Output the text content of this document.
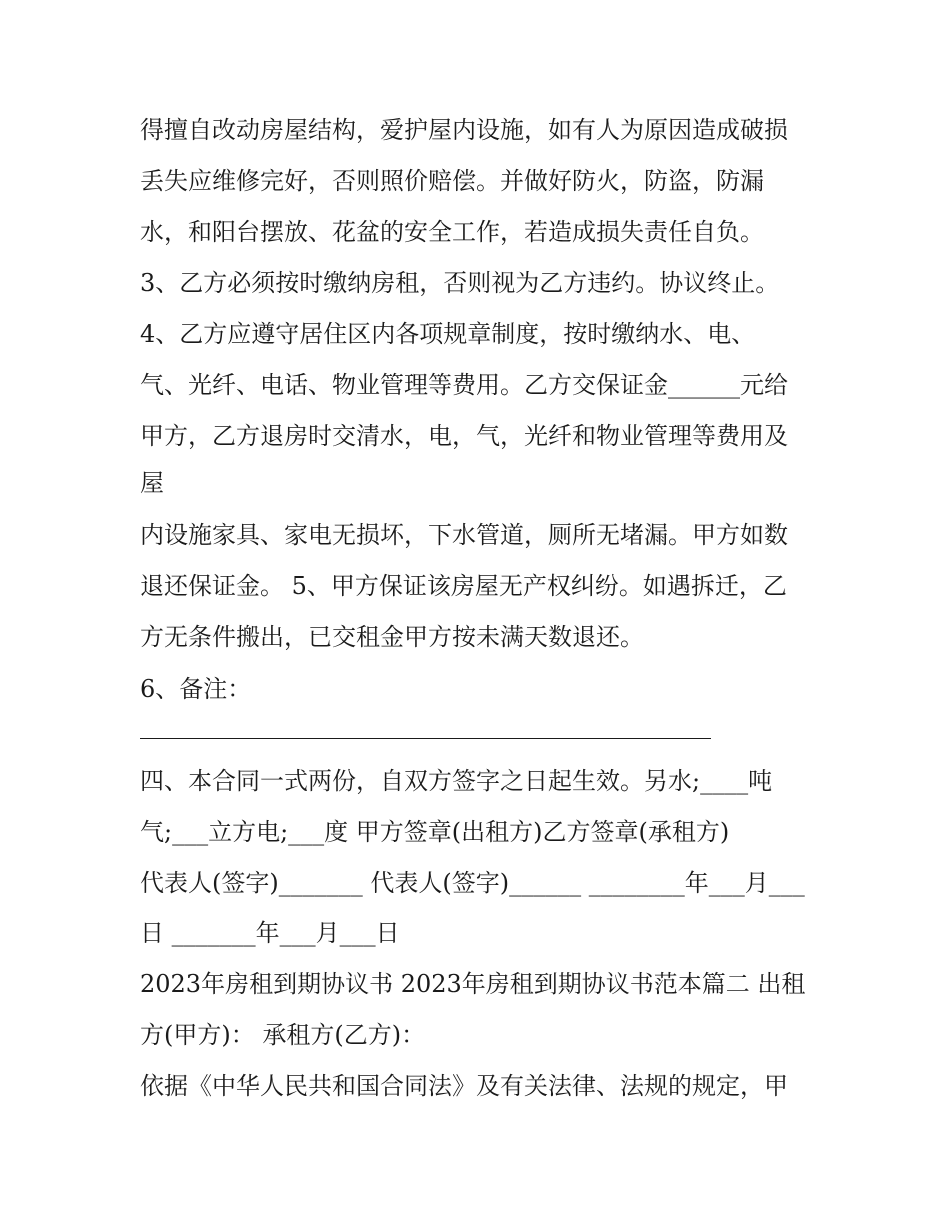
得擅自改动房屋结构，爱护屋内设施，如有人为原因造成破损
丢失应维修完好，否则照价赔偿。并做好防火，防盗，防漏
水，和阳台摆放、花盆的安全工作，若造成损失责任自负。
3、乙方必须按时缴纳房租，否则视为乙方违约。协议终止。
4、乙方应遵守居住区内各项规章制度，按时缴纳水、电、
气、光纤、电话、物业管理等费用。乙方交保证金______元给
甲方，乙方退房时交清水，电，气，光纤和物业管理等费用及
屋
内设施家具、家电无损坏，下水管道，厕所无堵漏。甲方如数
退还保证金。 5、甲方保证该房屋无产权纠纷。如遇拆迁，乙
方无条件搬出，已交租金甲方按未满天数退还。
6、备注：
四、本合同一式两份，自双方签字之日起生效。另水;____吨
气;___立方电;___度 甲方签章(出租方)乙方签章(承租方)
代表人(签字)_______ 代表人(签字)______ ________年___月___
日 _______年___月___日
2023年房租到期协议书 2023年房租到期协议书范本篇二 出租
方(甲方)： 承租方(乙方)：
依据《中华人民共和国合同法》及有关法律、法规的规定，甲
